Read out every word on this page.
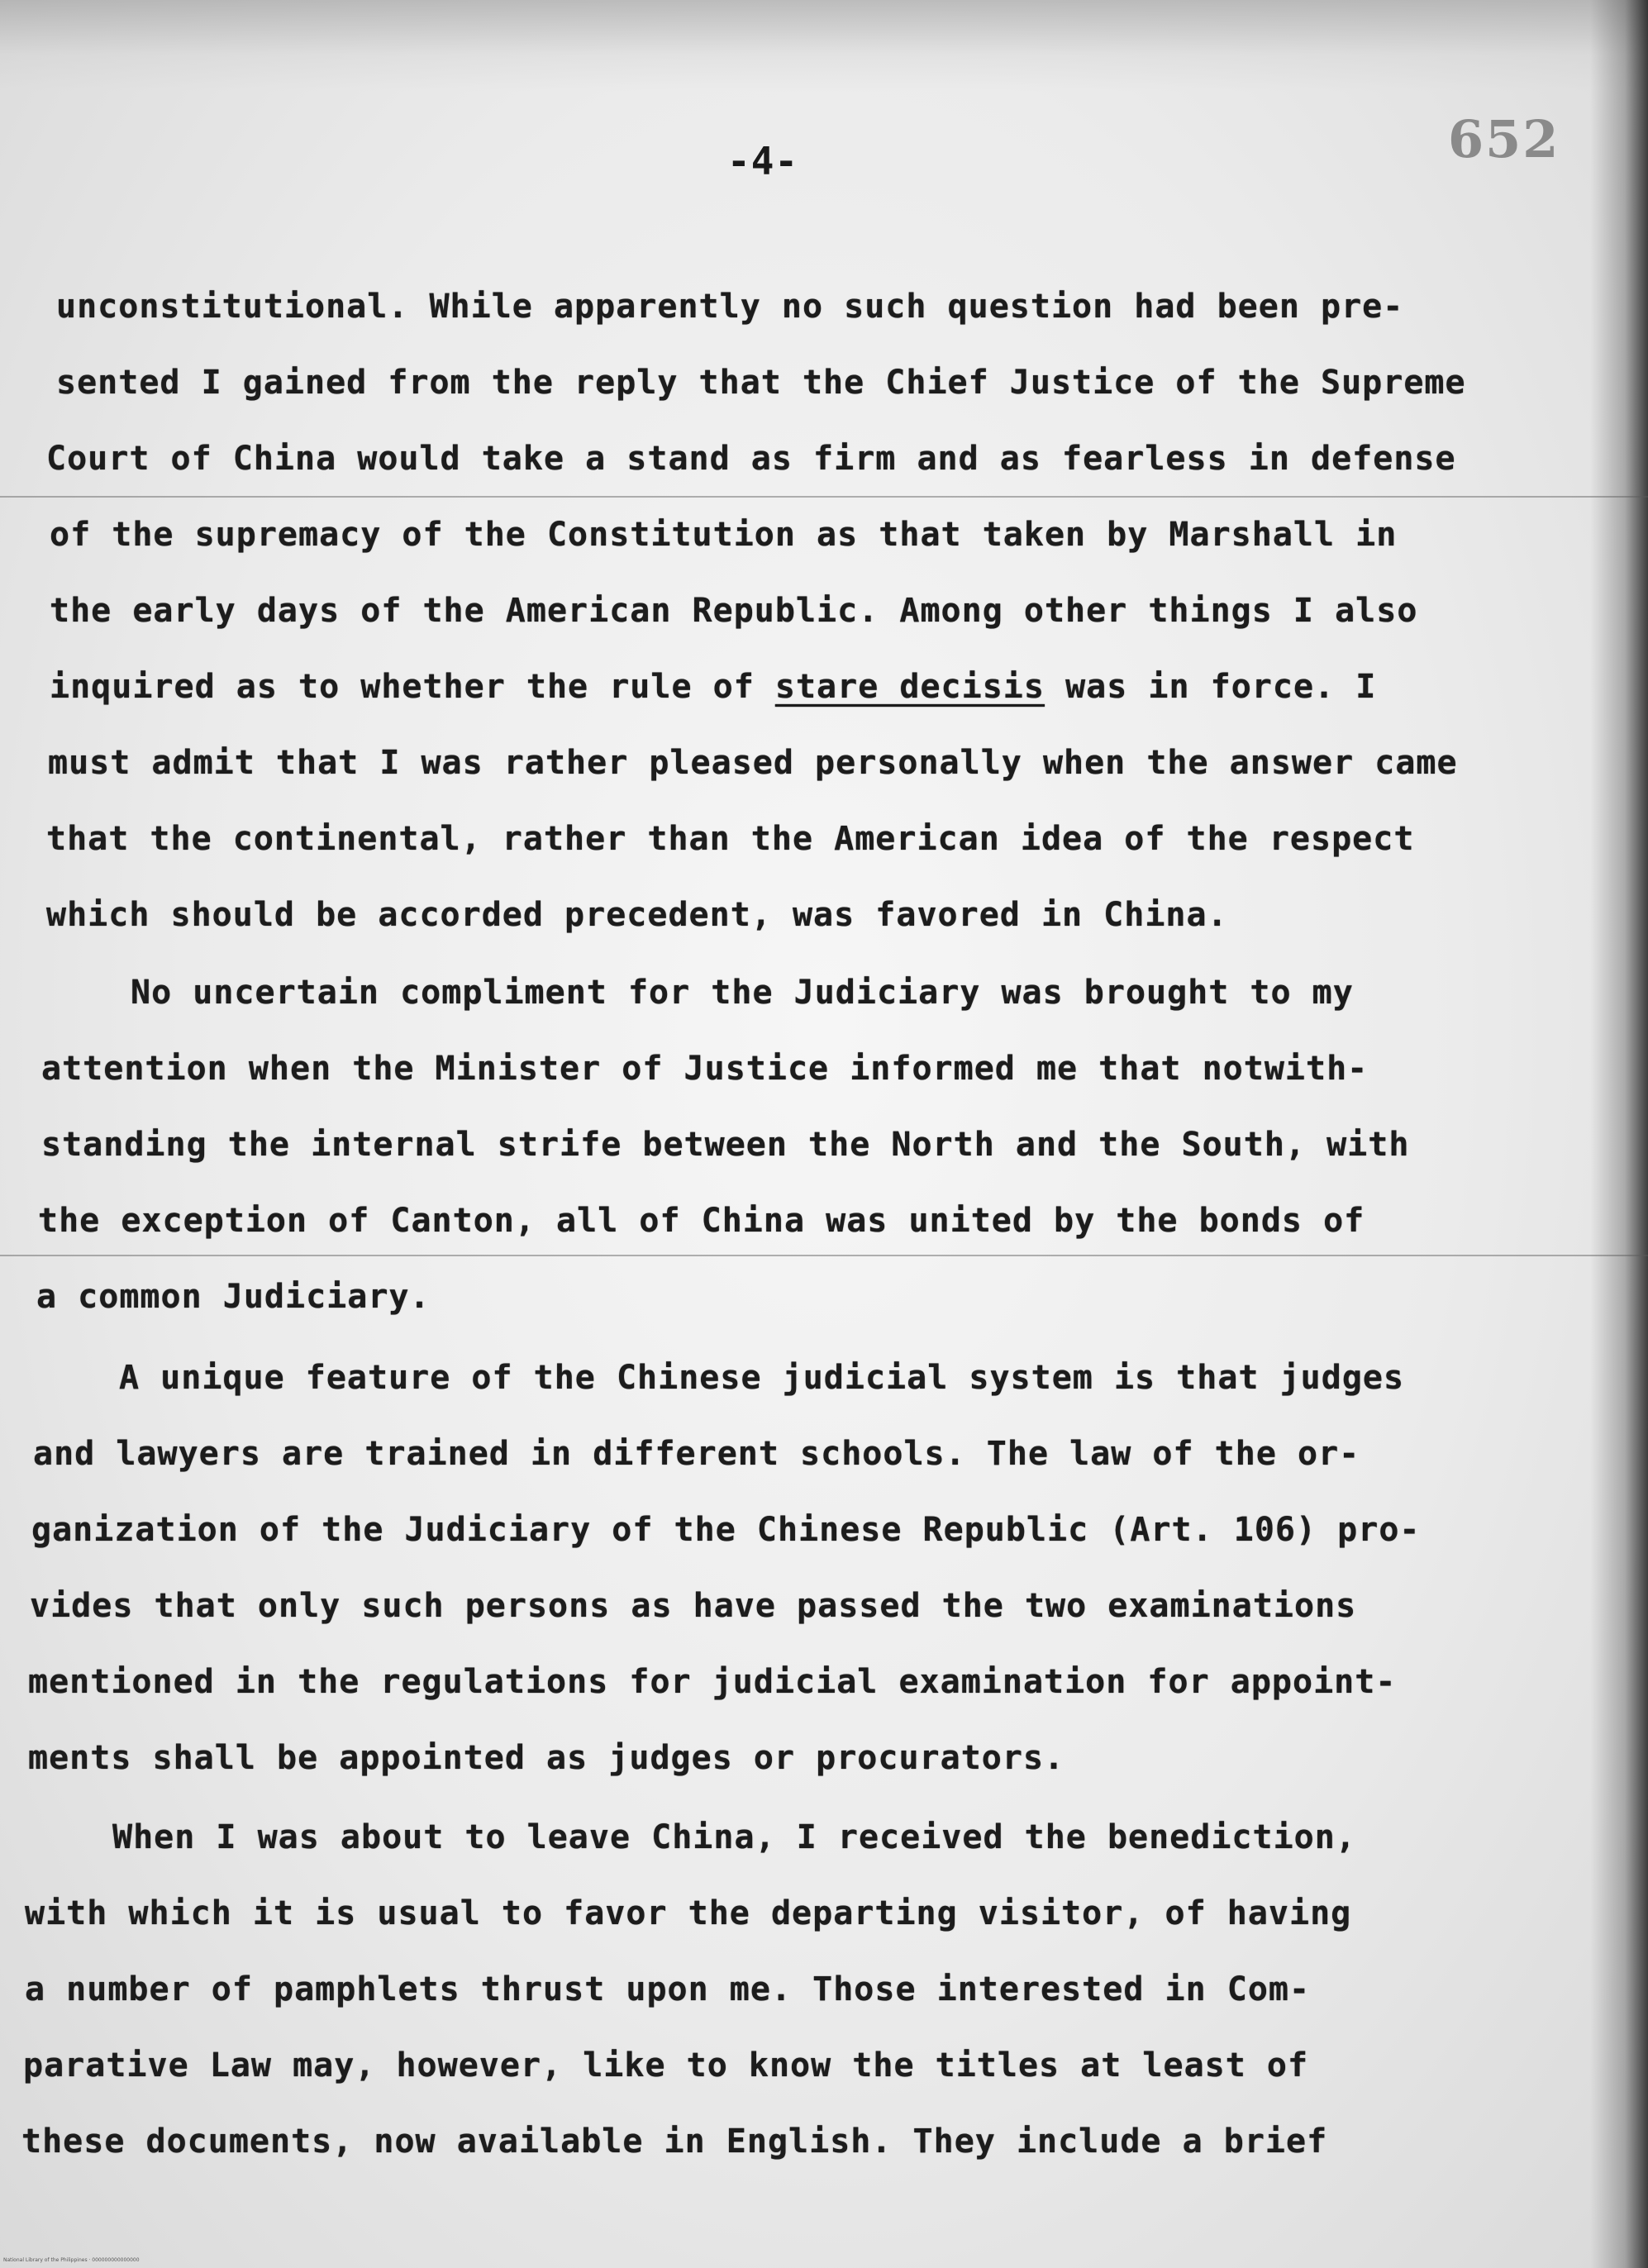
-4-	652
unconstitutional. While apparently no such question had been pre-
sented I gained from the reply that the Chief Justice of the Supreme
Court of China would take a stand as firm and as fearless in defense
of the supremacy of the Constitution as that taken by Marshall in
the early days of the American Republic. Among other things I also
inquired as to whether the rule of stare decisis was in force. I
must admit that I was rather pleased personally when the answer came
that the continental, rather than the American idea of the respect
which should be accorded precedent, was favored in China.
No uncertain compliment for the Judiciary was brought to my
attention when the Minister of Justice informed me that notwith-
standing the internal strife between the North and the South, with
the exception of Canton, all of China was united by the bonds of
a common Judiciary.
A unique feature of the Chinese judicial system is that judges
and lawyers are trained in different schools. The law of the or-
ganization of the Judiciary of the Chinese Republic (Art. 106) pro-
vides that only such persons as have passed the two examinations
mentioned in the regulations for judicial examination for appoint-
ments shall be appointed as judges or procurators.
When I was about to leave China, I received the benediction,
with which it is usual to favor the departing visitor, of having
a number of pamphlets thrust upon me. Those interested in Com-
parative Law may, however, like to know the titles at least of
these documents, now available in English. They include a brief
National Library of the Philippines · 000000000000000
